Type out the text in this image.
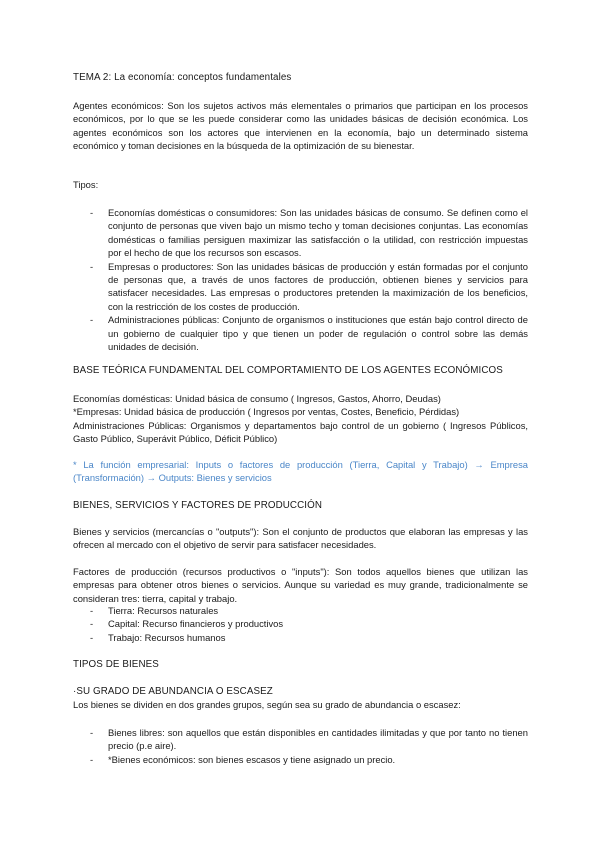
TEMA 2: La economía: conceptos fundamentales

Agentes económicos: Son los sujetos activos más elementales o primarios que participan en los procesos económicos, por lo que se les puede considerar como las unidades básicas de decisión económica. Los agentes económicos son los actores que intervienen en la economía, bajo un determinado sistema económico y toman decisiones en la búsqueda de la optimización de su bienestar.

Tipos:

- Economías domésticas o consumidores: Son las unidades básicas de consumo. Se definen como el conjunto de personas que viven bajo un mismo techo y toman decisiones conjuntas. Las economías domésticas o familias persiguen maximizar las satisfacción o la utilidad, con restricción impuestas por el hecho de que los recursos son escasos.
- Empresas o productores: Son las unidades básicas de producción y están formadas por el conjunto de personas que, a través de unos factores de producción, obtienen bienes y servicios para satisfacer necesidades. Las empresas o productores pretenden la maximización de los beneficios, con la restricción de los costes de producción.
- Administraciones públicas: Conjunto de organismos o instituciones que están bajo control directo de un gobierno de cualquier tipo y que tienen un poder de regulación o control sobre las demás unidades de decisión.

BASE TEÓRICA FUNDAMENTAL DEL COMPORTAMIENTO DE LOS AGENTES ECONÓMICOS

Economías domésticas: Unidad básica de consumo ( Ingresos, Gastos, Ahorro, Deudas)
*Empresas: Unidad básica de producción ( Ingresos por ventas, Costes, Beneficio, Pérdidas)
Administraciones Públicas: Organismos y departamentos bajo control de un gobierno ( Ingresos Públicos, Gasto Público, Superávit Público, Déficit Público)

* La función empresarial: Inputs o factores de producción (Tierra, Capital y Trabajo) → Empresa (Transformación) → Outputs: Bienes y servicios

BIENES, SERVICIOS Y FACTORES DE PRODUCCIÓN

Bienes y servicios (mercancías o "outputs"): Son el conjunto de productos que elaboran las empresas y las ofrecen al mercado con el objetivo de servir para satisfacer necesidades.

Factores de producción (recursos productivos o "inputs"): Son todos aquellos bienes que utilizan las empresas para obtener otros bienes o servicios. Aunque su variedad es muy grande, tradicionalmente se consideran tres: tierra, capital y trabajo.

- Tierra: Recursos naturales
- Capital: Recurso financieros y productivos
- Trabajo: Recursos humanos

TIPOS DE BIENES

·SU GRADO DE ABUNDANCIA O ESCASEZ

Los bienes se dividen en dos grandes grupos, según sea su grado de abundancia o escasez:

- Bienes libres: son aquellos que están disponibles en cantidades ilimitadas y que por tanto no tienen precio (p.e aire).
- *Bienes económicos: son bienes escasos y tiene asignado un precio.
